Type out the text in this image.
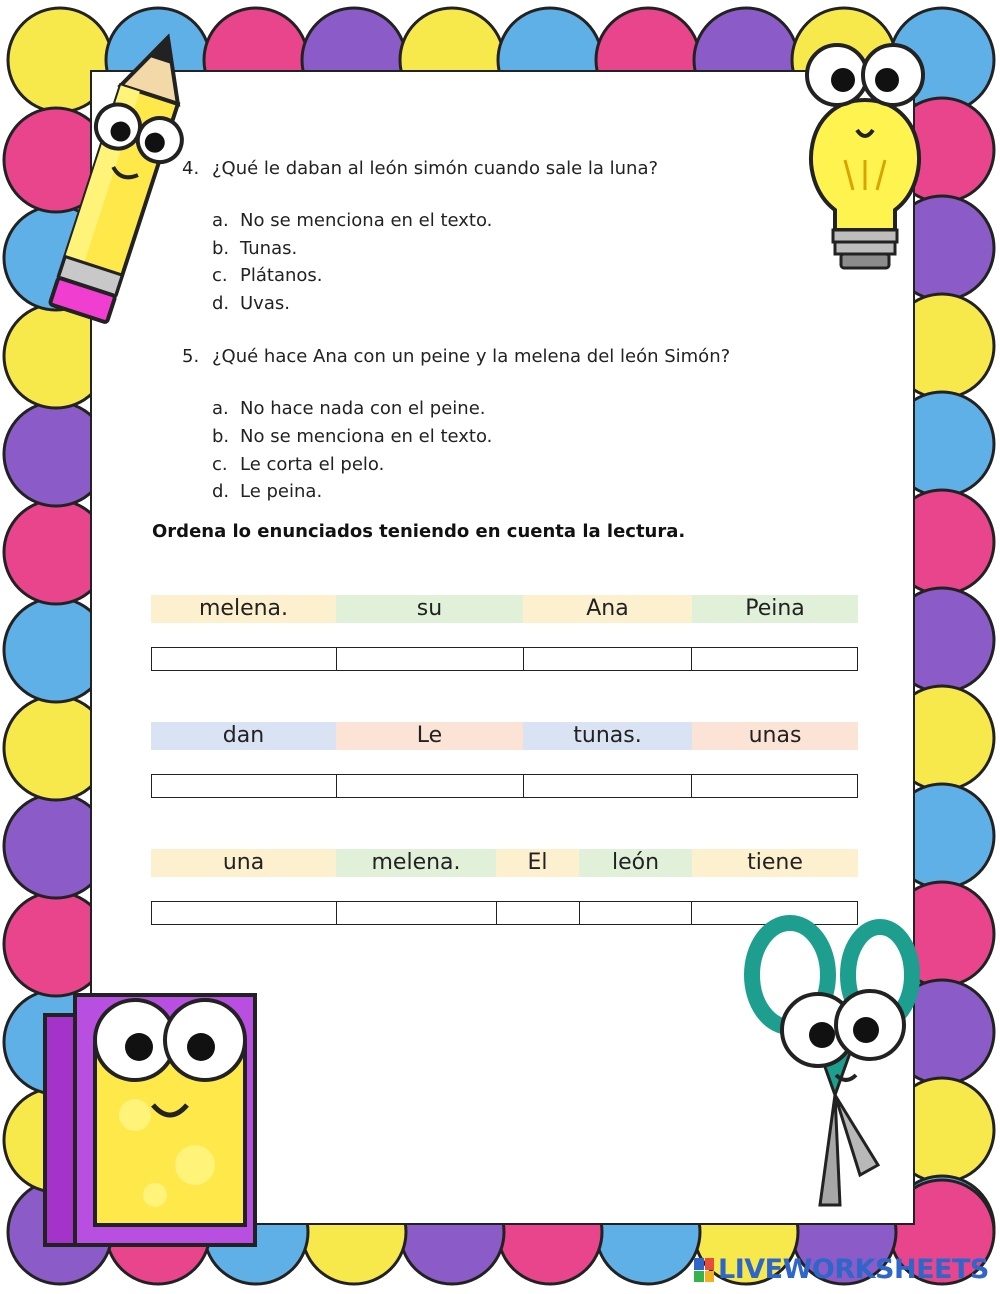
4. ¿Qué le daban al león simón cuando sale la luna?
a. No se menciona en el texto.
b. Tunas.
c. Plátanos.
d. Uvas.
5. ¿Qué hace Ana con un peine y la melena del león Simón?
a. No hace nada con el peine.
b. No se menciona en el texto.
c. Le corta el pelo.
d. Le peina.
Ordena lo enunciados teniendo en cuenta la lectura.
melena.	su	Ana	Peina
dan	Le	tunas.	unas
una	melena.	El	león	tiene
LIVEWORKSHEETS
